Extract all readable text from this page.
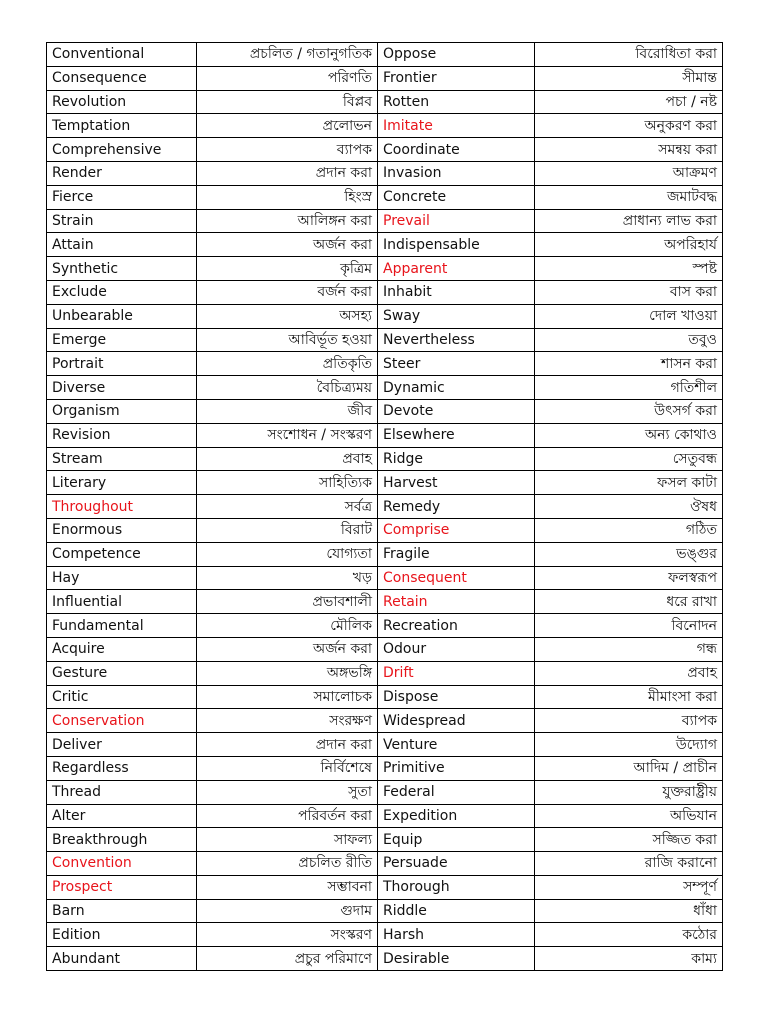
Conventional	প্রচলিত / গতানুগতিক	Oppose	বিরোধিতা করা
Consequence	পরিণতি	Frontier	সীমান্ত
Revolution	বিপ্লব	Rotten	পচা / নষ্ট
Temptation	প্রলোভন	Imitate	অনুকরণ করা
Comprehensive	ব্যাপক	Coordinate	সমন্বয় করা
Render	প্রদান করা	Invasion	আক্রমণ
Fierce	হিংস্র	Concrete	জমাটবদ্ধ
Strain	আলিঙ্গন করা	Prevail	প্রাধান্য লাভ করা
Attain	অর্জন করা	Indispensable	অপরিহার্য
Synthetic	কৃত্রিম	Apparent	স্পষ্ট
Exclude	বর্জন করা	Inhabit	বাস করা
Unbearable	অসহ্য	Sway	দোল খাওয়া
Emerge	আবির্ভূত হওয়া	Nevertheless	তবুও
Portrait	প্রতিকৃতি	Steer	শাসন করা
Diverse	বৈচিত্র্যময়	Dynamic	গতিশীল
Organism	জীব	Devote	উৎসর্গ করা
Revision	সংশোধন / সংস্করণ	Elsewhere	অন্য কোথাও
Stream	প্রবাহ	Ridge	সেতুবন্ধ
Literary	সাহিত্যিক	Harvest	ফসল কাটা
Throughout	সর্বত্র	Remedy	ঔষধ
Enormous	বিরাট	Comprise	গঠিত
Competence	যোগ্যতা	Fragile	ভঙ্গুর
Hay	খড়	Consequent	ফলস্বরূপ
Influential	প্রভাবশালী	Retain	ধরে রাখা
Fundamental	মৌলিক	Recreation	বিনোদন
Acquire	অর্জন করা	Odour	গন্ধ
Gesture	অঙ্গভঙ্গি	Drift	প্রবাহ
Critic	সমালোচক	Dispose	মীমাংসা করা
Conservation	সংরক্ষণ	Widespread	ব্যাপক
Deliver	প্রদান করা	Venture	উদ্যোগ
Regardless	নির্বিশেষে	Primitive	আদিম / প্রাচীন
Thread	সুতা	Federal	যুক্তরাষ্ট্রীয়
Alter	পরিবর্তন করা	Expedition	অভিযান
Breakthrough	সাফল্য	Equip	সজ্জিত করা
Convention	প্রচলিত রীতি	Persuade	রাজি করানো
Prospect	সম্ভাবনা	Thorough	সম্পূর্ণ
Barn	গুদাম	Riddle	ধাঁধা
Edition	সংস্করণ	Harsh	কঠোর
Abundant	প্রচুর পরিমাণে	Desirable	কাম্য
